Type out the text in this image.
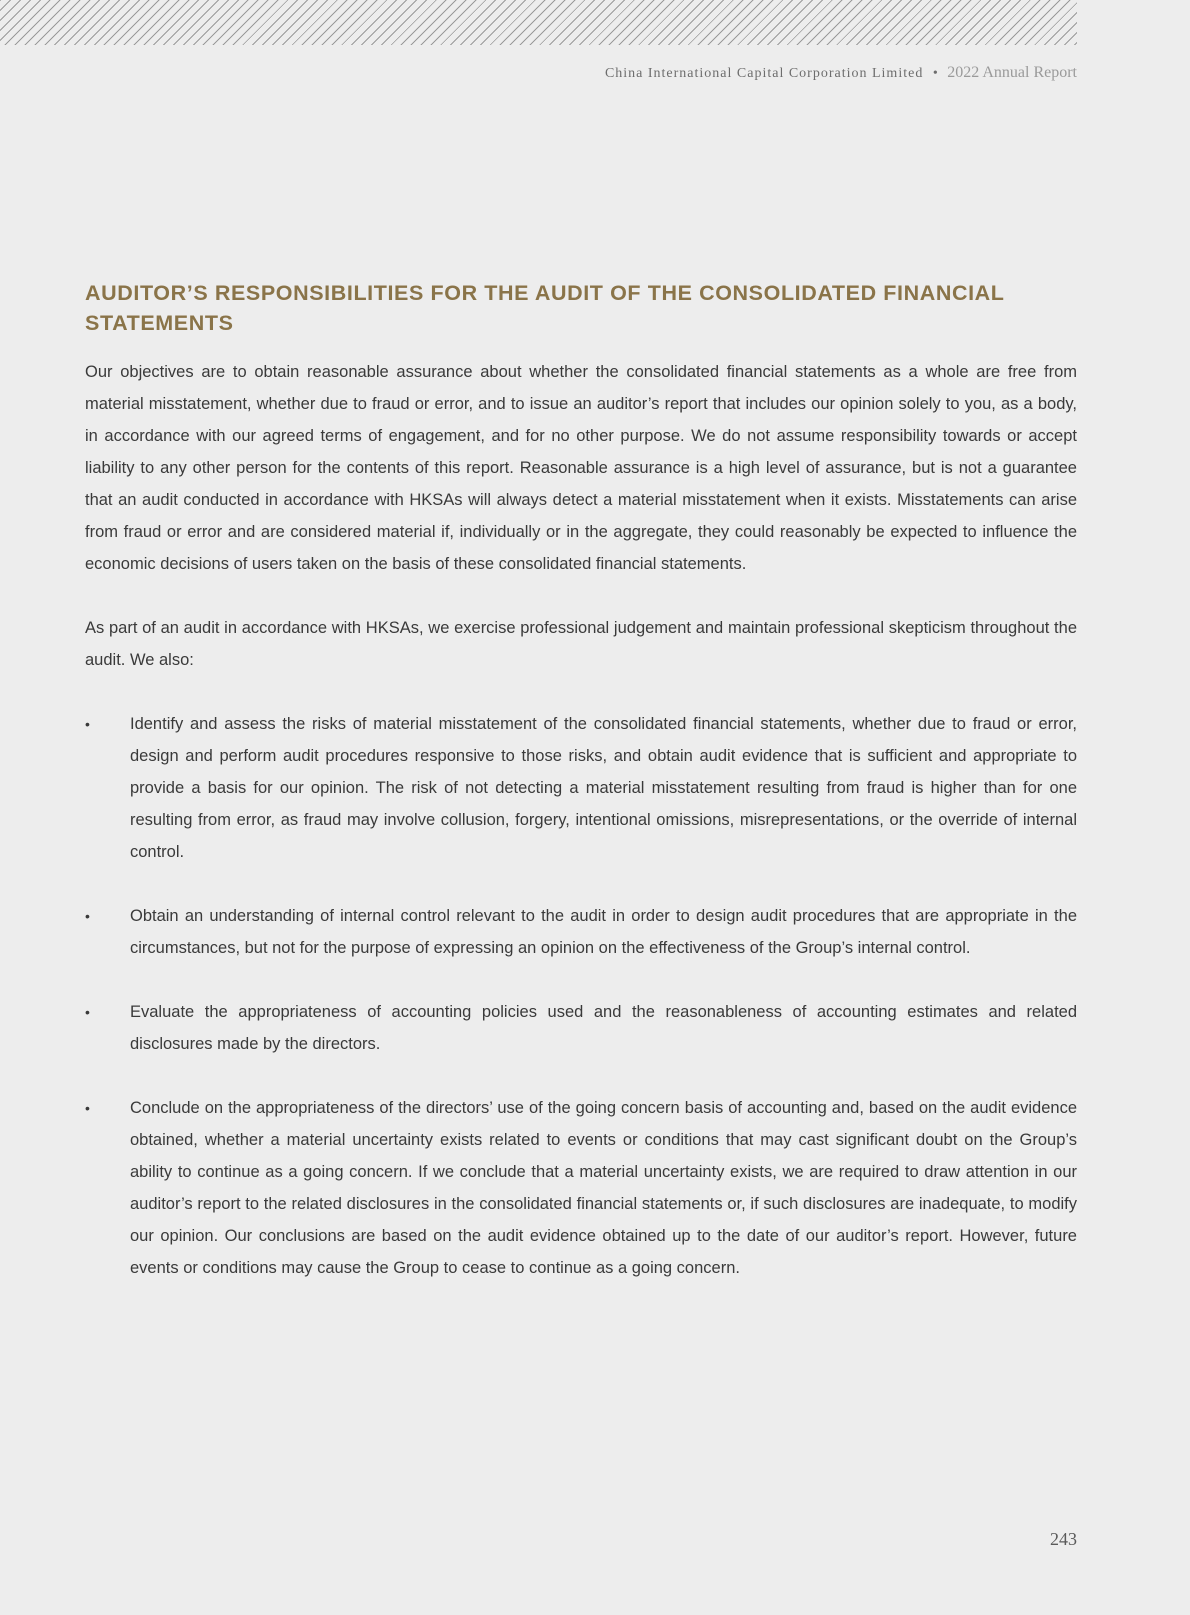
China International Capital Corporation Limited • 2022 Annual Report
AUDITOR’S RESPONSIBILITIES FOR THE AUDIT OF THE CONSOLIDATED FINANCIAL STATEMENTS

Our objectives are to obtain reasonable assurance about whether the consolidated financial statements as a whole are free from material misstatement, whether due to fraud or error, and to issue an auditor’s report that includes our opinion solely to you, as a body, in accordance with our agreed terms of engagement, and for no other purpose. We do not assume responsibility towards or accept liability to any other person for the contents of this report. Reasonable assurance is a high level of assurance, but is not a guarantee that an audit conducted in accordance with HKSAs will always detect a material misstatement when it exists. Misstatements can arise from fraud or error and are considered material if, individually or in the aggregate, they could reasonably be expected to influence the economic decisions of users taken on the basis of these consolidated financial statements.

As part of an audit in accordance with HKSAs, we exercise professional judgement and maintain professional skepticism throughout the audit. We also:

• Identify and assess the risks of material misstatement of the consolidated financial statements, whether due to fraud or error, design and perform audit procedures responsive to those risks, and obtain audit evidence that is sufficient and appropriate to provide a basis for our opinion. The risk of not detecting a material misstatement resulting from fraud is higher than for one resulting from error, as fraud may involve collusion, forgery, intentional omissions, misrepresentations, or the override of internal control.
• Obtain an understanding of internal control relevant to the audit in order to design audit procedures that are appropriate in the circumstances, but not for the purpose of expressing an opinion on the effectiveness of the Group’s internal control.
• Evaluate the appropriateness of accounting policies used and the reasonableness of accounting estimates and related disclosures made by the directors.
• Conclude on the appropriateness of the directors’ use of the going concern basis of accounting and, based on the audit evidence obtained, whether a material uncertainty exists related to events or conditions that may cast significant doubt on the Group’s ability to continue as a going concern. If we conclude that a material uncertainty exists, we are required to draw attention in our auditor’s report to the related disclosures in the consolidated financial statements or, if such disclosures are inadequate, to modify our opinion. Our conclusions are based on the audit evidence obtained up to the date of our auditor’s report. However, future events or conditions may cause the Group to cease to continue as a going concern.
243
